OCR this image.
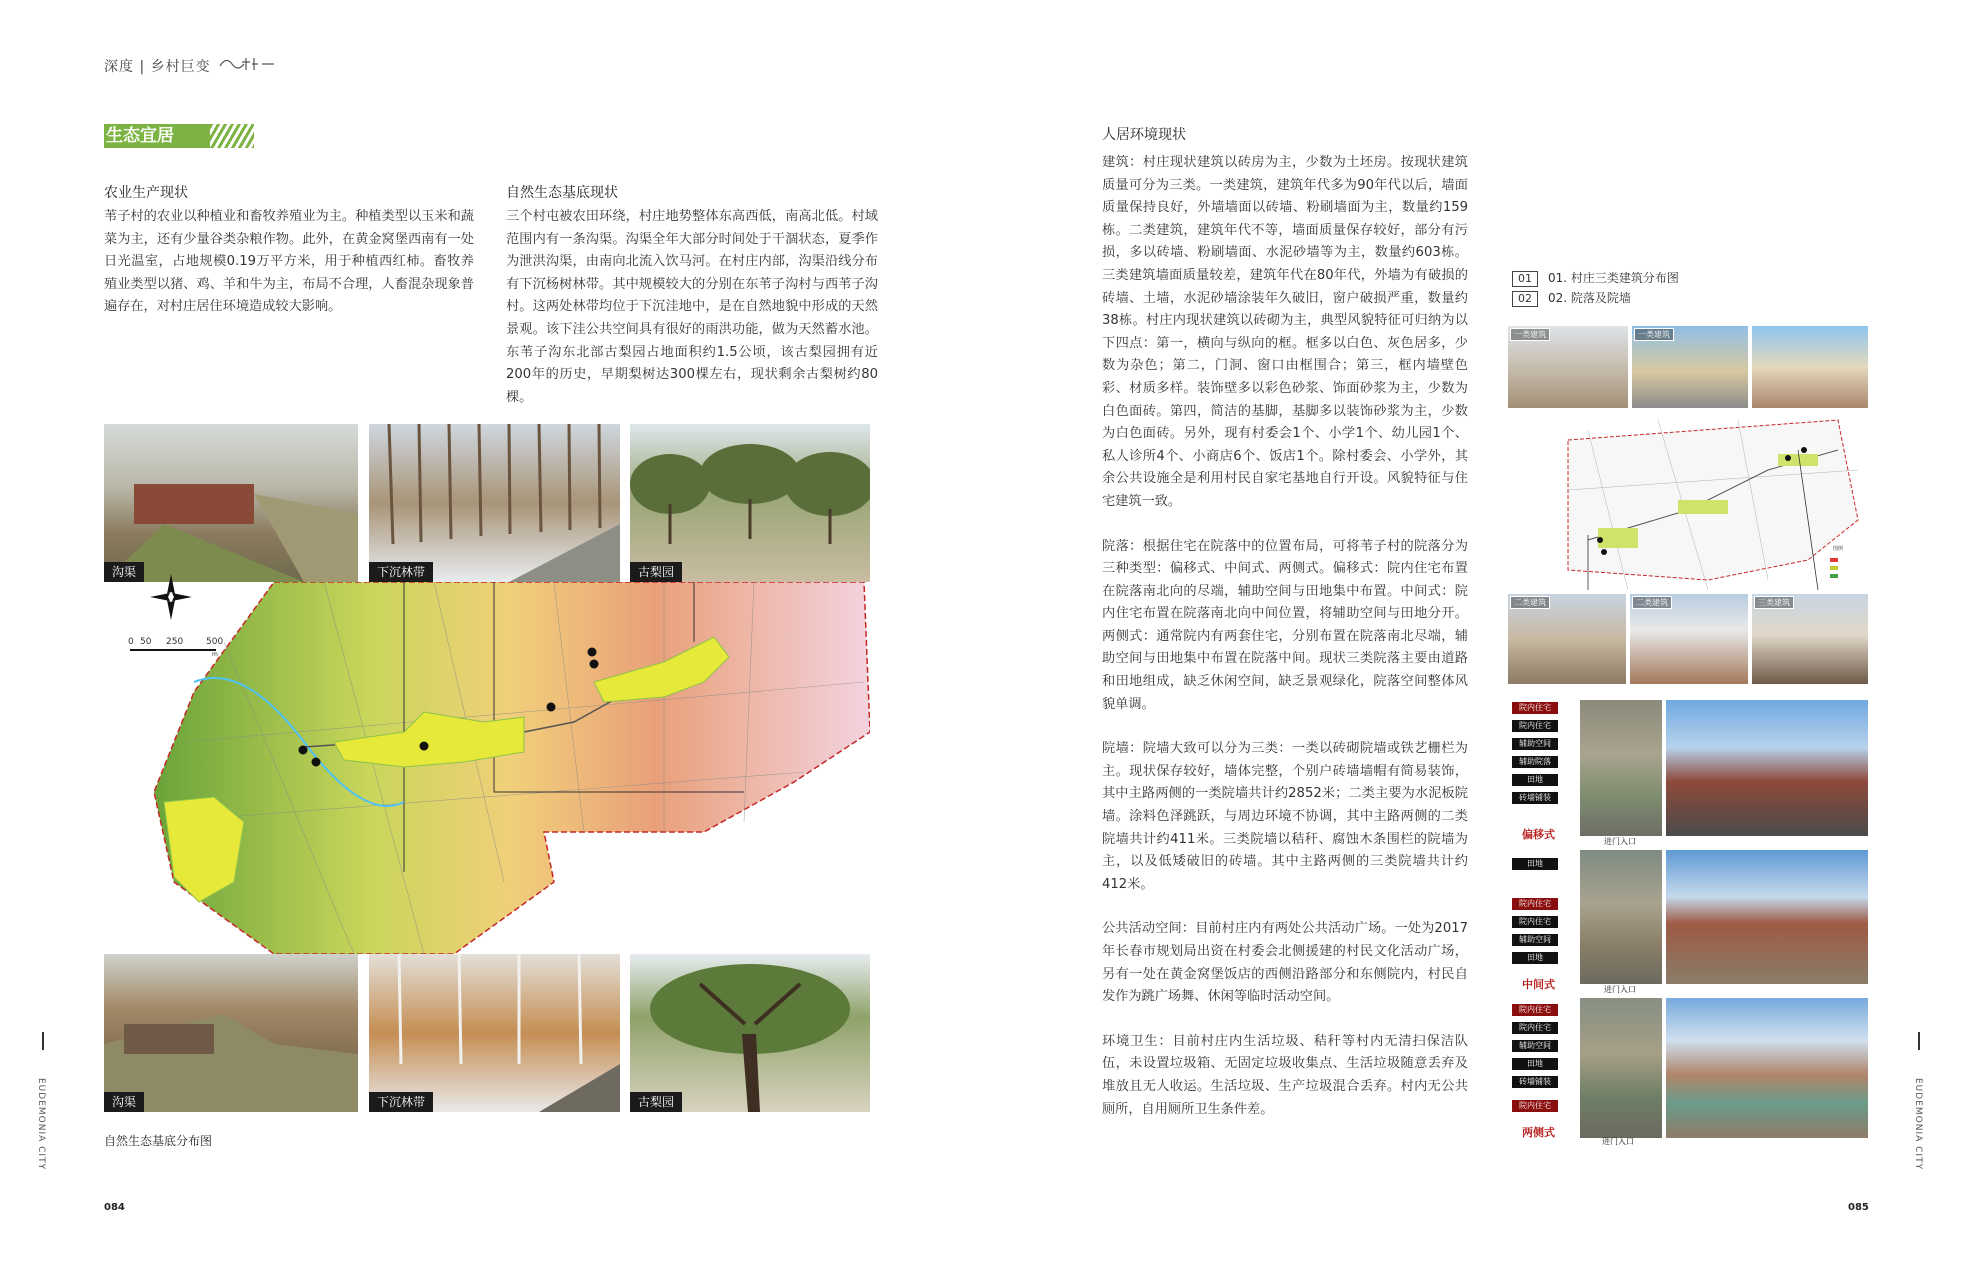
深度 | 乡村巨变
生态宜居
农业生产现状
苇子村的农业以种植业和畜牧养殖业为主。种植类型以玉米和蔬菜为主，还有少量谷类杂粮作物。此外，在黄金窝堡西南有一处日光温室，占地规模0.19万平方米，用于种植西红柿。畜牧养殖业类型以猪、鸡、羊和牛为主，布局不合理，人畜混杂现象普遍存在，对村庄居住环境造成较大影响。
自然生态基底现状
三个村屯被农田环绕，村庄地势整体东高西低，南高北低。村域范围内有一条沟渠。沟渠全年大部分时间处于干涸状态，夏季作为泄洪沟渠，由南向北流入饮马河。在村庄内部，沟渠沿线分布有下沉杨树林带。其中规模较大的分别在东苇子沟村与西苇子沟村。这两处林带均位于下沉洼地中，是在自然地貌中形成的天然景观。该下洼公共空间具有很好的雨洪功能，做为天然蓄水池。东苇子沟东北部古梨园占地面积约1.5公顷，该古梨园拥有近200年的历史，早期梨树达300棵左右，现状剩余古梨树约80棵。
沟渠	下沉林带	古梨园
0 50 250	500
m
沟渠	下沉林带	古梨园
自然生态基底分布图
EUDEMONIA CITY
084
人居环境现状
建筑：村庄现状建筑以砖房为主，少数为土坯房。按现状建筑质量可分为三类。一类建筑，建筑年代多为90年代以后，墙面质量保持良好，外墙墙面以砖墙、粉刷墙面为主，数量约159栋。二类建筑，建筑年代不等，墙面质量保存较好，部分有污损，多以砖墙、粉刷墙面、水泥砂墙等为主，数量约603栋。三类建筑墙面质量较差，建筑年代在80年代，外墙为有破损的砖墙、土墙，水泥砂墙涂装年久破旧，窗户破损严重，数量约38栋。村庄内现状建筑以砖砌为主，典型风貌特征可归纳为以下四点：第一，横向与纵向的框。框多以白色、灰色居多，少数为杂色；第二，门洞、窗口由框围合；第三，框内墙壁色彩、材质多样。装饰壁多以彩色砂浆、饰面砂浆为主，少数为白色面砖。第四，简洁的基脚，基脚多以装饰砂浆为主，少数为白色面砖。另外，现有村委会1个、小学1个、幼儿园1个、私人诊所4个、小商店6个、饭店1个。除村委会、小学外，其余公共设施全是利用村民自家宅基地自行开设。风貌特征与住宅建筑一致。
院落：根据住宅在院落中的位置布局，可将苇子村的院落分为三种类型：偏移式、中间式、两侧式。偏移式：院内住宅布置在院落南北向的尽端，辅助空间与田地集中布置。中间式：院内住宅布置在院落南北向中间位置，将辅助空间与田地分开。两侧式：通常院内有两套住宅，分别布置在院落南北尽端，辅助空间与田地集中布置在院落中间。现状三类院落主要由道路和田地组成，缺乏休闲空间，缺乏景观绿化，院落空间整体风貌单调。
院墙：院墙大致可以分为三类：一类以砖砌院墙或铁艺栅栏为主。现状保存较好，墙体完整，个别户砖墙墙帽有简易装饰，其中主路两侧的一类院墙共计约2852米；二类主要为水泥板院墙。涂料色泽跳跃，与周边环境不协调，其中主路两侧的二类院墙共计约411米。三类院墙以秸秆、腐蚀木条围栏的院墙为主，以及低矮破旧的砖墙。其中主路两侧的三类院墙共计约412米。
公共活动空间：目前村庄内有两处公共活动广场。一处为2017年长春市规划局出资在村委会北侧援建的村民文化活动广场，另有一处在黄金窝堡饭店的西侧沿路部分和东侧院内，村民自发作为跳广场舞、休闲等临时活动空间。
环境卫生：目前村庄内生活垃圾、秸秆等村内无清扫保洁队伍，未设置垃圾箱、无固定垃圾收集点、生活垃圾随意丢弃及堆放且无人收运。生活垃圾、生产垃圾混合丢弃。村内无公共厕所，自用厕所卫生条件差。
01 01. 村庄三类建筑分布图
02 02. 院落及院墙
一类建筑	一类建筑
图例
二类建筑	二类建筑	三类建筑
院内住宅
院内住宅
辅助空间
辅助院落
田地
砖墙铺装
偏移式
田地
进门入口
院内住宅
院内住宅
辅助空间
田地
中间式	进门入口
院内住宅
院内住宅
辅助空间
田地
砖墙铺装
院内住宅
两侧式
进门入口	EUDEMONIA CITY
085
